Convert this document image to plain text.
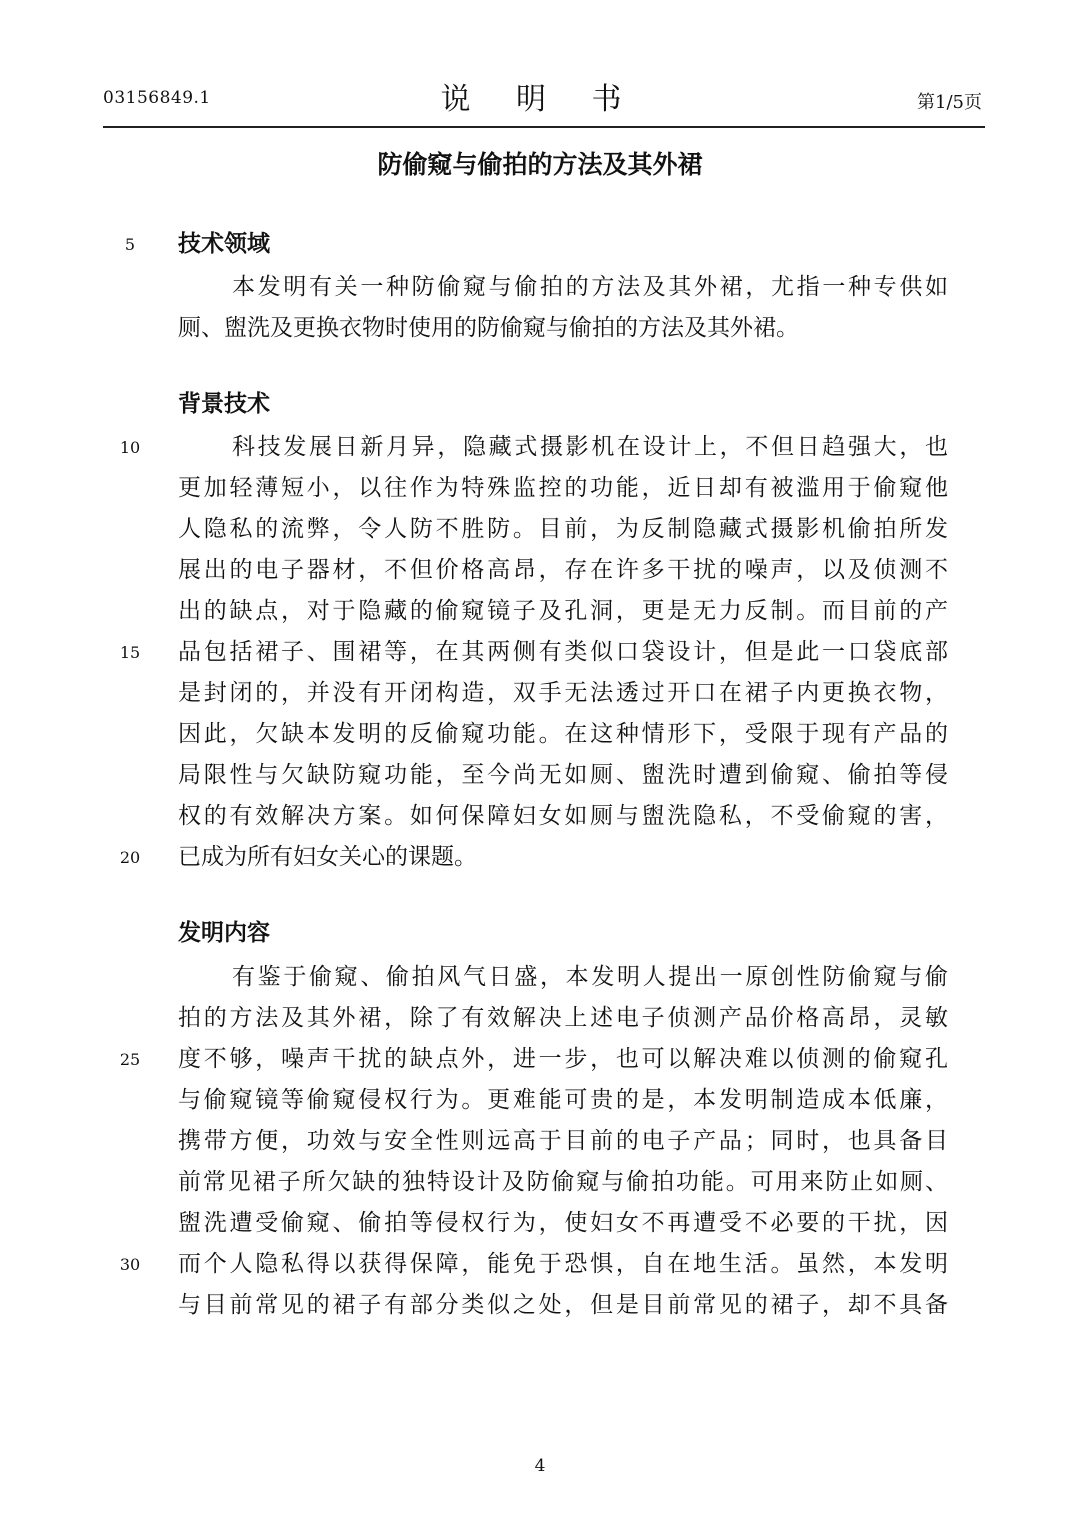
03156849.1	说 明 书	第1/5页
防偷窥与偷拍的方法及其外裙
5	技术领域
本发明有关一种防偷窥与偷拍的方法及其外裙，尤指一种专供如
厕、盥洗及更换衣物时使用的防偷窥与偷拍的方法及其外裙。
背景技术
10	科技发展日新月异，隐藏式摄影机在设计上，不但日趋强大，也
更加轻薄短小，以往作为特殊监控的功能，近日却有被滥用于偷窥他
人隐私的流弊，令人防不胜防。目前，为反制隐藏式摄影机偷拍所发
展出的电子器材，不但价格高昂，存在许多干扰的噪声，以及侦测不
出的缺点，对于隐藏的偷窥镜子及孔洞，更是无力反制。而目前的产
15	品包括裙子、围裙等，在其两侧有类似口袋设计，但是此一口袋底部
是封闭的，并没有开闭构造，双手无法透过开口在裙子内更换衣物，
因此，欠缺本发明的反偷窥功能。在这种情形下，受限于现有产品的
局限性与欠缺防窥功能，至今尚无如厕、盥洗时遭到偷窥、偷拍等侵
权的有效解决方案。如何保障妇女如厕与盥洗隐私，不受偷窥的害，
20	已成为所有妇女关心的课题。
发明内容
有鉴于偷窥、偷拍风气日盛，本发明人提出一原创性防偷窥与偷
拍的方法及其外裙，除了有效解决上述电子侦测产品价格高昂，灵敏
25	度不够，噪声干扰的缺点外，进一步，也可以解决难以侦测的偷窥孔
与偷窥镜等偷窥侵权行为。更难能可贵的是，本发明制造成本低廉，
携带方便，功效与安全性则远高于目前的电子产品；同时，也具备目
前常见裙子所欠缺的独特设计及防偷窥与偷拍功能。可用来防止如厕、
盥洗遭受偷窥、偷拍等侵权行为，使妇女不再遭受不必要的干扰，因
30	而个人隐私得以获得保障，能免于恐惧，自在地生活。虽然，本发明
与目前常见的裙子有部分类似之处，但是目前常见的裙子，却不具备
4
